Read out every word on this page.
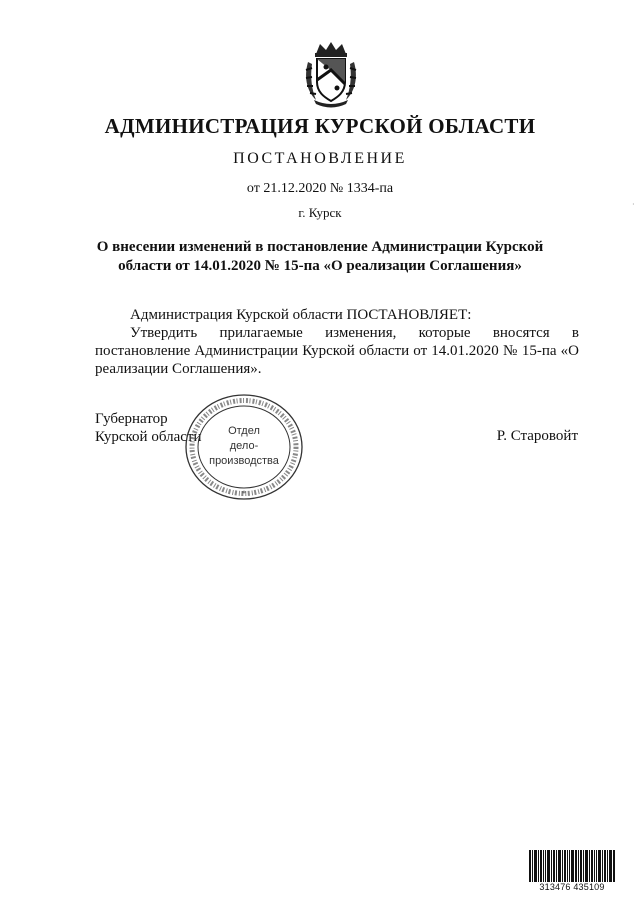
АДМИНИСТРАЦИЯ КУРСКОЙ ОБЛАСТИ
ПОСТАНОВЛЕНИЕ
от 21.12.2020 № 1334-па
г. Курск
О внесении изменений в постановление Администрации Курской
области от 14.01.2020 № 15-па «О реализации Соглашения»

Администрация Курской области ПОСТАНОВЛЯЕТ:

Утвердить прилагаемые изменения, которые вносятся в постановление Администрации Курской области от 14.01.2020 № 15-па «О реализации Соглашения».

Губернатор
Курской области
*
Отдел
дело-
производства
Р. Старовойт
·
313476 435109
